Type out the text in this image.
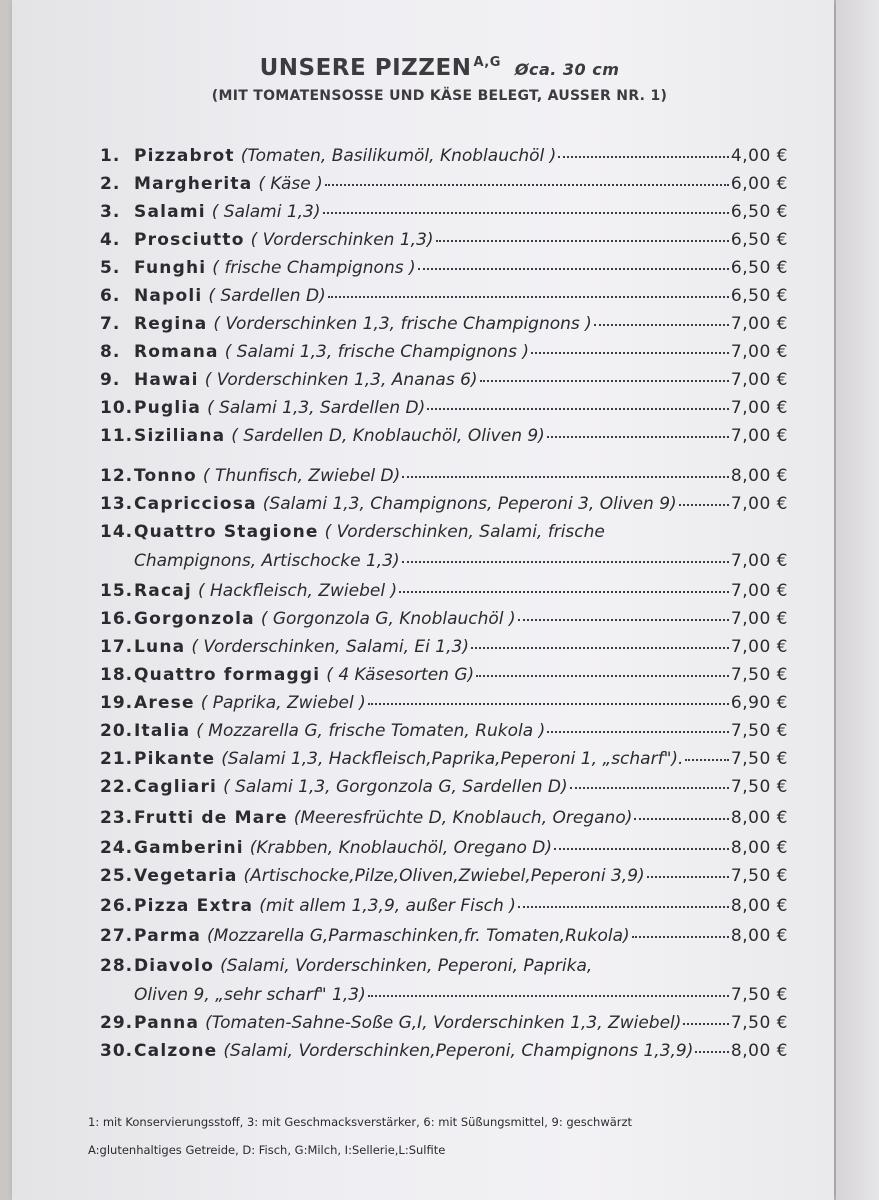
UNSERE PIZZEN $^{A,G}$ Øca. 30 cm
(MIT TOMATENSOSSE UND KÄSE BELEGT, AUSSER NR. 1)
1. Pizzabrot (Tomaten, Basilikumöl, Knoblauchöl )	4,00 €
2. Margherita ( Käse )	6,00 €
3. Salami ( Salami 1,3)	6,50 €
4. Prosciutto ( Vorderschinken 1,3)	6,50 €
5. Funghi ( frische Champignons )	6,50 €
6. Napoli ( Sardellen D)	6,50 €
7. Regina ( Vorderschinken 1,3, frische Champignons )	7,00 €
8. Romana ( Salami 1,3, frische Champignons )	7,00 €
9. Hawai ( Vorderschinken 1,3, Ananas 6)	7,00 €
10. Puglia ( Salami 1,3, Sardellen D)	7,00 €
11. Siziliana ( Sardellen D, Knoblauchöl, Oliven 9)	7,00 €
12. Tonno ( Thunfisch, Zwiebel D)	8,00 €
13. Capricciosa (Salami 1,3, Champignons, Peperoni 3, Oliven 9)	7,00 €
14. Quattro Stagione ( Vorderschinken, Salami, frische
Champignons, Artischocke 1,3)	7,00 €
15. Racaj ( Hackfleisch, Zwiebel )	7,00 €
16. Gorgonzola ( Gorgonzola G, Knoblauchöl )	7,00 €
17. Luna ( Vorderschinken, Salami, Ei 1,3)	7,00 €
18. Quattro formaggi ( 4 Käsesorten G)	7,50 €
19. Arese ( Paprika, Zwiebel )	6,90 €
20. Italia ( Mozzarella G, frische Tomaten, Rukola )	7,50 €
21. Pikante (Salami 1,3, Hackfleisch,Paprika,Peperoni 1, „scharf").	7,50 €
22. Cagliari ( Salami 1,3, Gorgonzola G, Sardellen D)	7,50 €
23. Frutti de Mare (Meeresfrüchte D, Knoblauch, Oregano)	8,00 €
24. Gamberini (Krabben, Knoblauchöl, Oregano D)	8,00 €
25. Vegetaria (Artischocke,Pilze,Oliven,Zwiebel,Peperoni 3,9)	7,50 €
26. Pizza Extra (mit allem 1,3,9, außer Fisch )	8,00 €
27. Parma (Mozzarella G,Parmaschinken,fr. Tomaten,Rukola)	8,00 €
28. Diavolo (Salami, Vorderschinken, Peperoni, Paprika,
Oliven 9, „sehr scharf" 1,3)	7,50 €
29. Panna (Tomaten-Sahne-Soße G,I, Vorderschinken 1,3, Zwiebel)	7,50 €
30. Calzone (Salami, Vorderschinken,Peperoni, Champignons 1,3,9) 8,00 €
1: mit Konservierungsstoff, 3: mit Geschmacksverstärker, 6: mit Süßungsmittel, 9: geschwärzt
A:glutenhaltiges Getreide, D: Fisch, G:Milch, I:Sellerie,L:Sulfite
